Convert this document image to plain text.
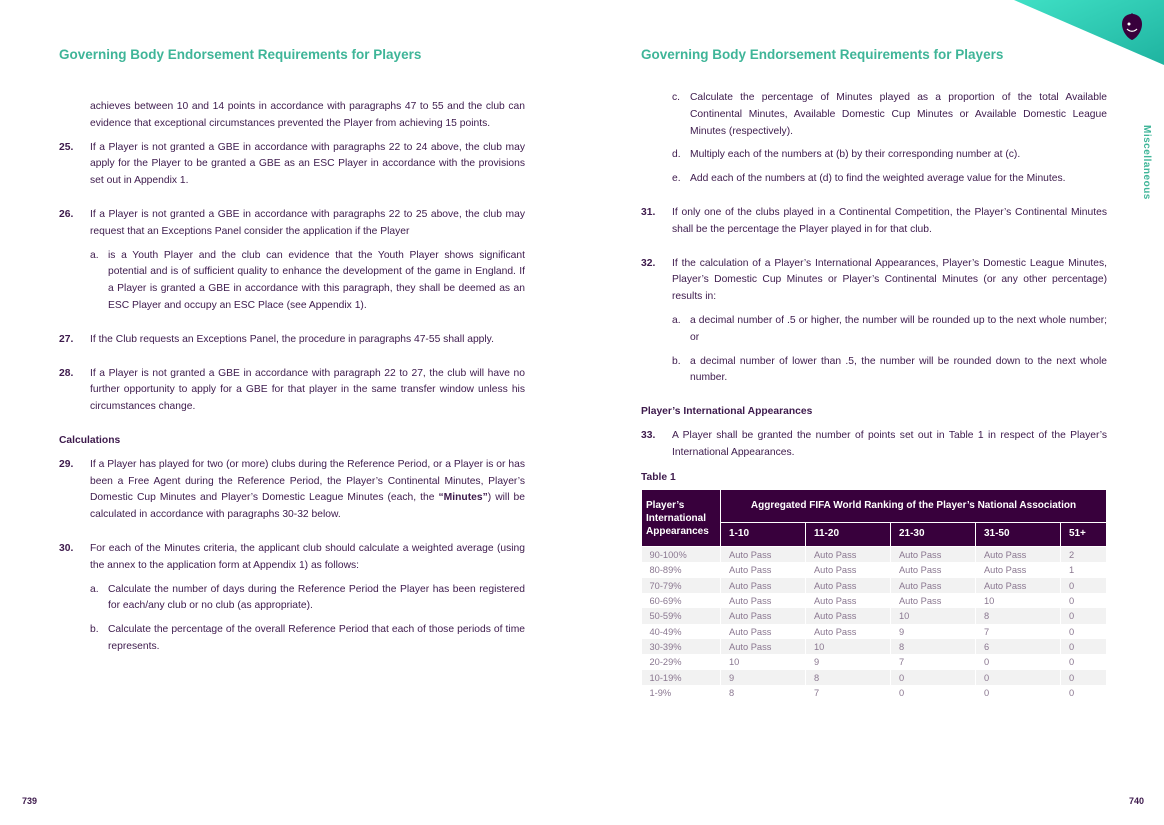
Governing Body Endorsement Requirements for Players

achieves between 10 and 14 points in accordance with paragraphs 47 to 55 and the club can evidence that exceptional circumstances prevented the Player from achieving 15 points.

25. If a Player is not granted a GBE in accordance with paragraphs 22 to 24 above, the club may apply for the Player to be granted a GBE as an ESC Player in accordance with the provisions set out in Appendix 1.

26. If a Player is not granted a GBE in accordance with paragraphs 22 to 25 above, the club may request that an Exceptions Panel consider the application if the Player

a. is a Youth Player and the club can evidence that the Youth Player shows significant potential and is of sufficient quality to enhance the development of the game in England. If a Player is granted a GBE in accordance with this paragraph, they shall be deemed as an ESC Player and occupy an ESC Place (see Appendix 1).

27. If the Club requests an Exceptions Panel, the procedure in paragraphs 47-55 shall apply.

28. If a Player is not granted a GBE in accordance with paragraph 22 to 27, the club will have no further opportunity to apply for a GBE for that player in the same transfer window unless his circumstances change.

Calculations

29. If a Player has played for two (or more) clubs during the Reference Period, or a Player is or has been a Free Agent during the Reference Period, the Player’s Continental Minutes, Player’s Domestic Cup Minutes and Player’s Domestic League Minutes (each, the “Minutes”) will be calculated in accordance with paragraphs 30-32 below.

30. For each of the Minutes criteria, the applicant club should calculate a weighted average (using the annex to the application form at Appendix 1) as follows:

a. Calculate the number of days during the Reference Period the Player has been registered for each/any club or no club (as appropriate).

b. Calculate the percentage of the overall Reference Period that each of those periods of time represents.

739
Miscellaneous
Governing Body Endorsement Requirements for Players

c. Calculate the percentage of Minutes played as a proportion of the total Available Continental Minutes, Available Domestic Cup Minutes or Available Domestic League Minutes (respectively).

d. Multiply each of the numbers at (b) by their corresponding number at (c).

e. Add each of the numbers at (d) to find the weighted average value for the Minutes.

31. If only one of the clubs played in a Continental Competition, the Player’s Continental Minutes shall be the percentage the Player played in for that club.

32. If the calculation of a Player’s International Appearances, Player’s Domestic League Minutes, Player’s Domestic Cup Minutes or Player’s Continental Minutes (or any other percentage) results in:

a. a decimal number of .5 or higher, the number will be rounded up to the next whole number; or

b. a decimal number of lower than .5, the number will be rounded down to the next whole number.

Player’s International Appearances

33. A Player shall be granted the number of points set out in Table 1 in respect of the Player’s International Appearances.

Table 1

Player’s International Appearances	Aggregated FIFA World Ranking of the Player’s National Association				
	1-10	11-20	21-30	31-50	51+
90-100%	Auto Pass	Auto Pass	Auto Pass	Auto Pass	2
80-89%	Auto Pass	Auto Pass	Auto Pass	Auto Pass	1
70-79%	Auto Pass	Auto Pass	Auto Pass	Auto Pass	0
60-69%	Auto Pass	Auto Pass	Auto Pass	10	0
50-59%	Auto Pass	Auto Pass	10	8	0
40-49%	Auto Pass	Auto Pass	9	7	0
30-39%	Auto Pass	10	8	6	0
20-29%	10	9	7	0	0
10-19%	9	8	0	0	0
1-9%	8	7	0	0	0
740
